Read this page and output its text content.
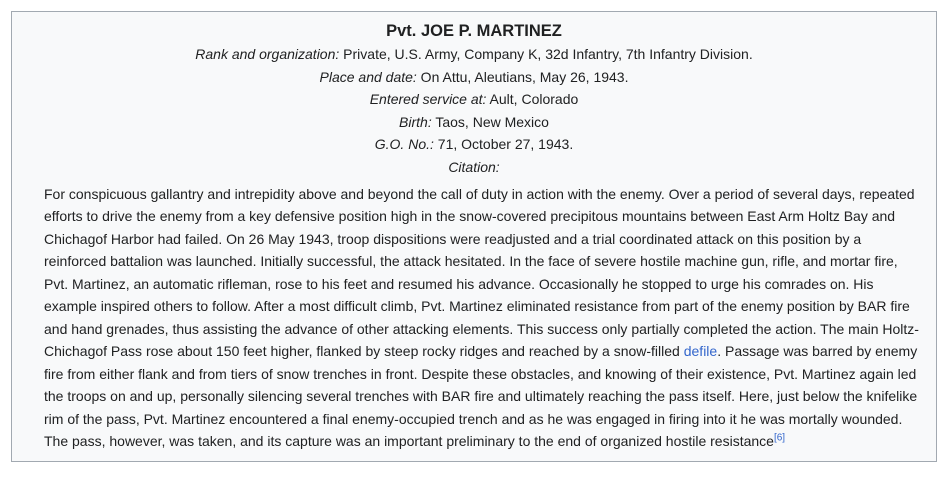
Pvt. JOE P. MARTINEZ
Rank and organization: Private, U.S. Army, Company K, 32d Infantry, 7th Infantry Division.
Place and date: On Attu, Aleutians, May 26, 1943.
Entered service at: Ault, Colorado
Birth: Taos, New Mexico
G.O. No.: 71, October 27, 1943.
Citation:
For conspicuous gallantry and intrepidity above and beyond the call of duty in action with the enemy. Over a period of several days, repeated efforts to drive the enemy from a key defensive position high in the snow-covered precipitous mountains between East Arm Holtz Bay and Chichagof Harbor had failed. On 26 May 1943, troop dispositions were readjusted and a trial coordinated attack on this position by a reinforced battalion was launched. Initially successful, the attack hesitated. In the face of severe hostile machine gun, rifle, and mortar fire, Pvt. Martinez, an automatic rifleman, rose to his feet and resumed his advance. Occasionally he stopped to urge his comrades on. His example inspired others to follow. After a most difficult climb, Pvt. Martinez eliminated resistance from part of the enemy position by BAR fire and hand grenades, thus assisting the advance of other attacking elements. This success only partially completed the action. The main Holtz-Chichagof Pass rose about 150 feet higher, flanked by steep rocky ridges and reached by a snow-filled defile. Passage was barred by enemy fire from either flank and from tiers of snow trenches in front. Despite these obstacles, and knowing of their existence, Pvt. Martinez again led the troops on and up, personally silencing several trenches with BAR fire and ultimately reaching the pass itself. Here, just below the knifelike rim of the pass, Pvt. Martinez encountered a final enemy-occupied trench and as he was engaged in firing into it he was mortally wounded. The pass, however, was taken, and its capture was an important preliminary to the end of organized hostile resistance[6]
